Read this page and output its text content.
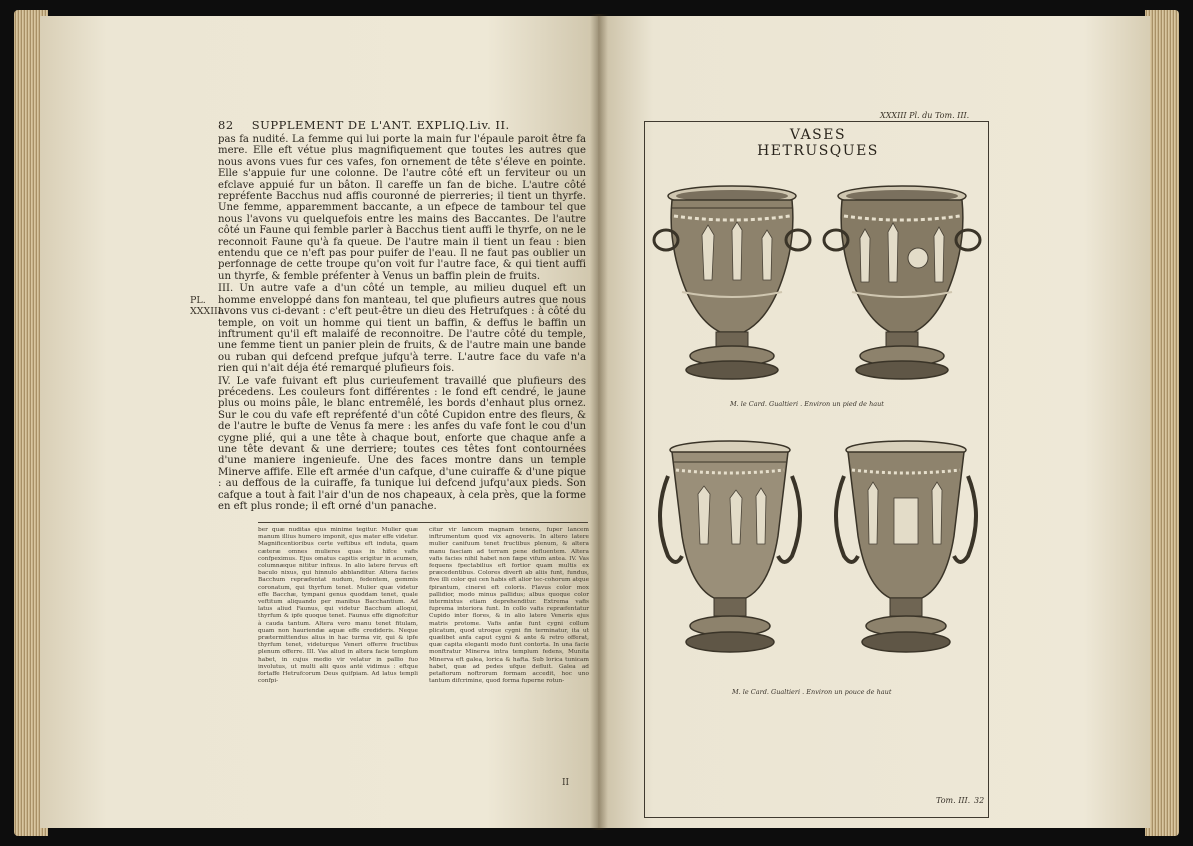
82 SUPPLEMENT DE L'ANT. EXPLIQ.Liv. II.
PL.
XXXIII.

pas fa nudité. La femme qui lui porte la main fur l'épaule paroit être fa mere. Elle eft vétue plus magnifiquement que toutes les autres que nous avons vues fur ces vafes, fon ornement de tête s'éleve en pointe. Elle s'appuie fur une colonne. De l'autre côté eft un ferviteur ou un efclave appuié fur un bâton. Il careffe un fan de biche. L'autre côté repréfente Bacchus nud affis couronné de pierreries; il tient un thyrfe. Une femme, apparemment baccante, a un efpece de tambour tel que nous l'avons vu quelquefois entre les mains des Baccantes. De l'autre côté un Faune qui femble parler à Bacchus tient auffi le thyrfe, on ne le reconnoit Faune qu'à fa queue. De l'autre main il tient un feau : bien entendu que ce n'eft pas pour puifer de l'eau. Il ne faut pas oublier un perfonnage de cette troupe qu'on voit fur l'autre face, & qui tient auffi un thyrfe, & femble préfenter à Venus un baffin plein de fruits.

III. Un autre vafe a d'un côté un temple, au milieu duquel eft un homme enveloppé dans fon manteau, tel que plufieurs autres que nous avons vus ci-devant : c'eft peut-être un dieu des Hetrufques : à côté du temple, on voit un homme qui tient un baffin, & deffus le baffin un inftrument qu'il eft malaifé de reconnoitre. De l'autre côté du temple, une femme tient un panier plein de fruits, & de l'autre main une bande ou ruban qui defcend prefque jufqu'à terre. L'autre face du vafe n'a rien qui n'ait déja été remarqué plufieurs fois.

IV. Le vafe fuivant eft plus curieufement travaillé que plufieurs des précedens. Les couleurs font différentes : le fond eft cendré, le jaune plus ou moins pâle, le blanc entremêlé, les bords d'enhaut plus ornez. Sur le cou du vafe eft repréfenté d'un côté Cupidon entre des fleurs, & de l'autre le bufte de Venus fa mere : les anfes du vafe font le cou d'un cygne plié, qui a une tête à chaque bout, enforte que chaque anfe a une tête devant & une derriere; toutes ces têtes font contournées d'une maniere ingenieufe. Une des faces montre dans un temple Minerve affife. Elle eft armée d'un cafque, d'une cuiraffe & d'une pique : au deffous de la cuiraffe, fa tunique lui defcend jufqu'aux pieds. Son cafque a tout à fait l'air d'un de nos chapeaux, à cela près, que la forme en eft plus ronde; il eft orné d'un panache.

ber quæ nuditas ejus minime tegitur. Mulier quæ manum illius humero imponit, ejus mater effe videtur. Magnificentioribus certe veftibus eft induta, quam cæteræ omnes mulieres quas in hifce vafis confpeximus. Ejus omatus capitis erigitur in acumen, columnæque nititur infixus. In alio latere fervus eft baculo nixus, qui hinnulo abblanditur. Altera facies Bacchum repræfentat nudum, fedentem, gemmis coronatum, qui thyrfum tenet. Mulier quæ videtur effe Bacchæ, tympani genus quoddam tenet, quale veftitum aliquando per manibus Bacchantium. Ad latus aliud Faunus, qui videtur Bacchum alloqui, thyrfum & ipfe quoque tenet. Faunus effe dignofcitur à cauda tantum. Altera vero manu tenet fitulam, quam non hauriendæ aquæ effe credideris. Neque prætermittendus alius in hac turma vir, qui & ipfe thyrfum tenet, videturque Veneri offerre fructibus plenum offerre. III. Vas aliud in altera facie templum habet, in cujus medio vir velatur in pallio fuo involutus, ut multi alii quos antè vidimus : eftque fortaffe Hetrufcorum Deus quifpiam. Ad latus templi confpi-

citur vir lancem magnam tenens, fuper lancem inftrumentum quod vix agnoveris. In altero latere mulier canifuum tenet fructibus plenum, & altera manu fasciam ad terram pene defluentem. Altera vafis facies nihil habet non fæpe vifum antea. IV. Vas fequens fpectabilius eft fortior quam multis ex præcedentibus. Colores diverfi ab aliis funt, fundus, five illi color qui cen habis eft alior tec-cohorum atque fpirantum, cinerei eft coloris. Flavus color mox pallidior, modo minus pallidus; albus quoque color intermixtus etiam deprehenditur. Extrema vafis fuprema interiora funt. In collo vafis repræfentatur Cupido inter flores, & in alio latere Veneris ejus matris protome. Vafis anfæ funt cygni collum plicatum, quod utroque cygni fin terminatur, ita ut quælibet anfa caput cygni & ante & retro offerat, quæ capita eleganti modo funt contorta. In una facie monftratur Minerva intra templum fedens, Munita Minerva eft galea, lorica & hafta. Sub lorica tunicam habet, quæ ad pedes ufque defluit. Galea ad petafiorum noftrorum formam accedit, hoc uno tantum difcrimine, quod forma fuperne rotun-

II
XXXIII Pl. du Tom. III.
VASES HETRUSQUES
M. le Card. Gualtieri . Environ un pied de haut
M. le Card. Gualtieri . Environ un pouce de haut
Tom. III. 32
